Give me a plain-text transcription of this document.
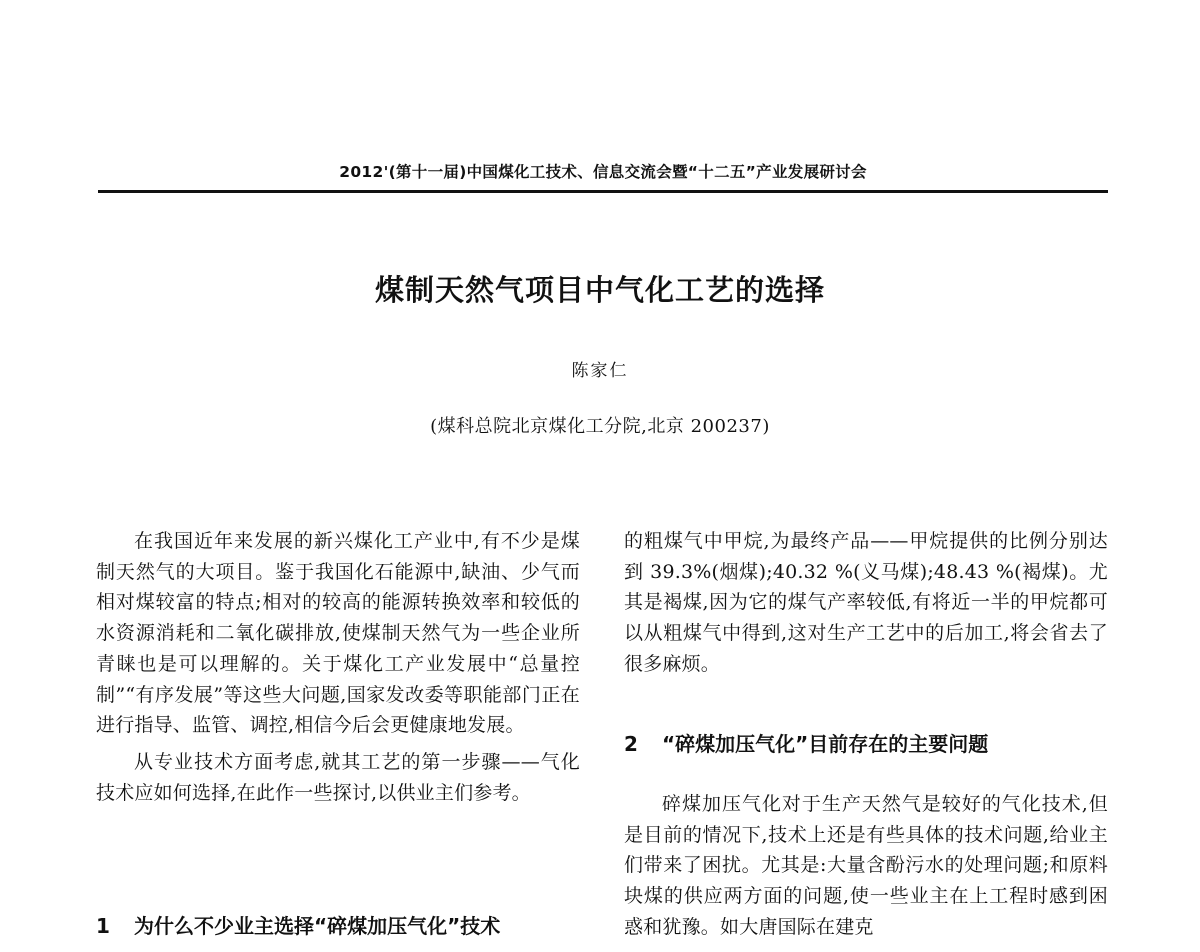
2012'(第十一届)中国煤化工技术、信息交流会暨“十二五”产业发展研讨会
煤制天然气项目中气化工艺的选择
陈家仁
(煤科总院北京煤化工分院,北京 200237)

在我国近年来发展的新兴煤化工产业中,有不少是煤制天然气的大项目。鉴于我国化石能源中,缺油、少气而相对煤较富的特点;相对的较高的能源转换效率和较低的水资源消耗和二氧化碳排放,使煤制天然气为一些企业所青睐也是可以理解的。关于煤化工产业发展中“总量控制”“有序发展”等这些大问题,国家发改委等职能部门正在进行指导、监管、调控,相信今后会更健康地发展。

从专业技术方面考虑,就其工艺的第一步骤——气化技术应如何选择,在此作一些探讨,以供业主们参考。

1 为什么不少业主选择“碎煤加压气化”技术

的粗煤气中甲烷,为最终产品——甲烷提供的比例分别达到 39.3%(烟煤);40.32 %(义马煤);48.43 %(褐煤)。尤其是褐煤,因为它的煤气产率较低,有将近一半的甲烷都可以从粗煤气中得到,这对生产工艺中的后加工,将会省去了很多麻烦。

2 “碎煤加压气化”目前存在的主要问题

碎煤加压气化对于生产天然气是较好的气化技术,但是目前的情况下,技术上还是有些具体的技术问题,给业主们带来了困扰。尤其是:大量含酚污水的处理问题;和原料块煤的供应两方面的问题,使一些业主在上工程时感到困惑和犹豫。如大唐国际在建克
